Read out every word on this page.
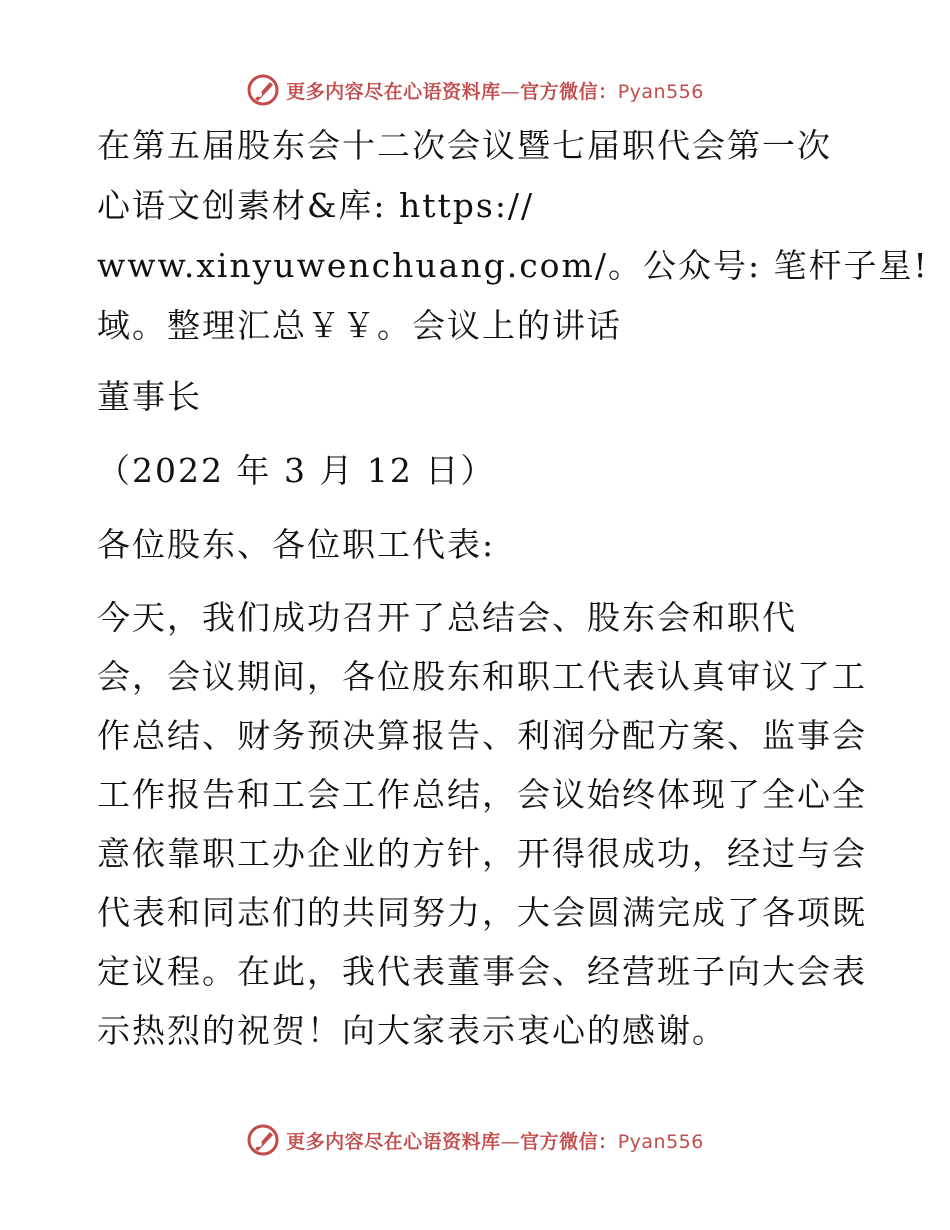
更多内容尽在心语资料库—官方微信：Pyan556
在第五届股东会十二次会议暨七届职代会第一次
心语文创素材&库: https://
www.xinyuwenchuang.com/。公众号: 笔杆子星!
域。整理汇总￥￥。会议上的讲话
董事长
（2022 年 3 月 12 日）
各位股东、各位职工代表:
今天，我们成功召开了总结会、股东会和职代
会，会议期间，各位股东和职工代表认真审议了工
作总结、财务预决算报告、利润分配方案、监事会
工作报告和工会工作总结，会议始终体现了全心全
意依靠职工办企业的方针，开得很成功，经过与会
代表和同志们的共同努力，大会圆满完成了各项既
定议程。在此，我代表董事会、经营班子向大会表
示热烈的祝贺！向大家表示衷心的感谢。
更多内容尽在心语资料库—官方微信：Pyan556
